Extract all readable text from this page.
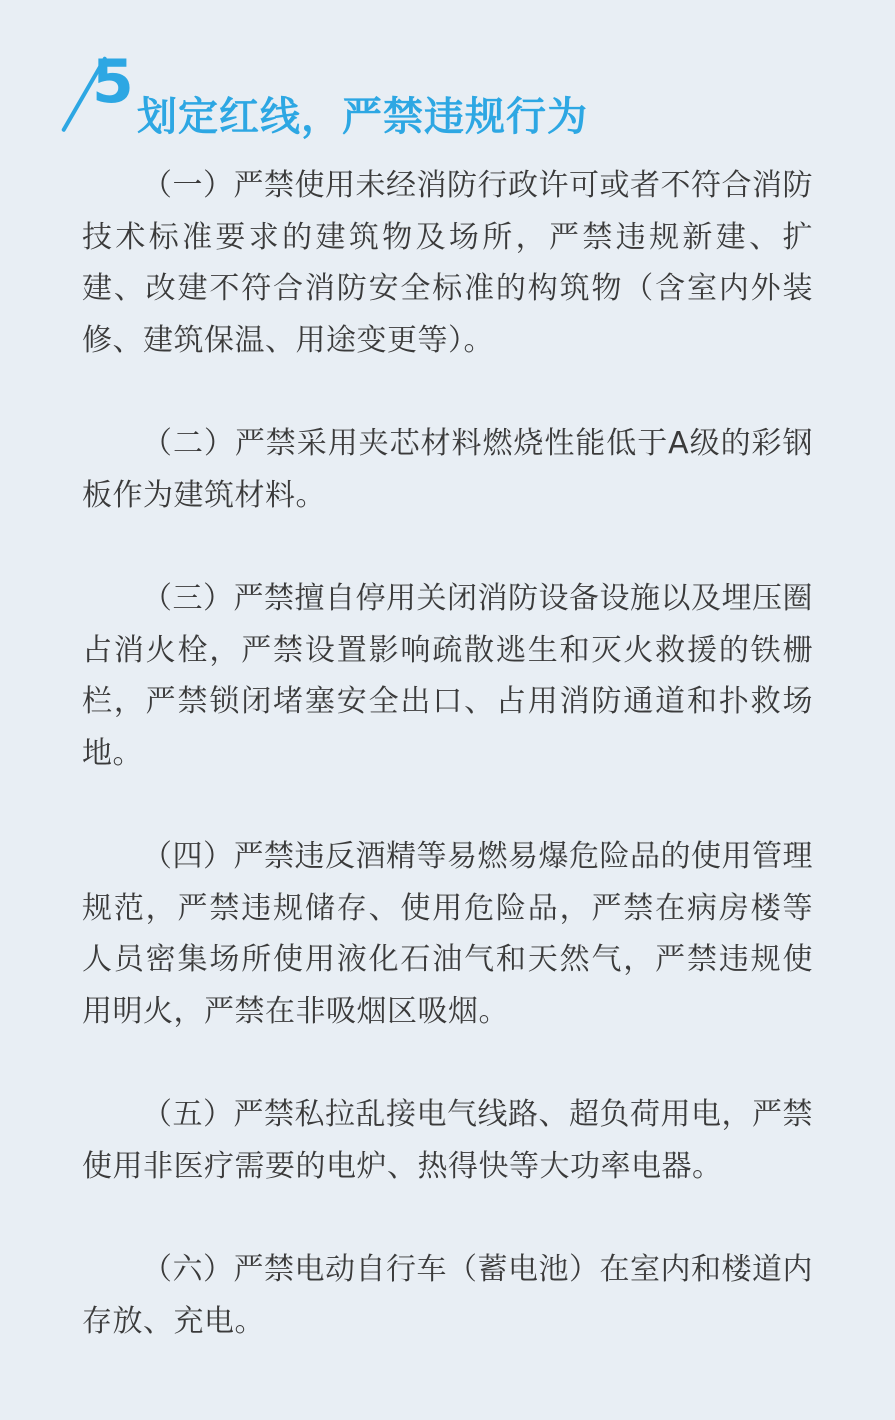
5 划定红线，严禁违规行为

（一）严禁使用未经消防行政许可或者不符合消防技术标准要求的建筑物及场所，严禁违规新建、扩建、改建不符合消防安全标准的构筑物（含室内外装修、建筑保温、用途变更等）。

（二）严禁采用夹芯材料燃烧性能低于A级的彩钢板作为建筑材料。

（三）严禁擅自停用关闭消防设备设施以及埋压圈占消火栓，严禁设置影响疏散逃生和灭火救援的铁栅栏，严禁锁闭堵塞安全出口、占用消防通道和扑救场地。

（四）严禁违反酒精等易燃易爆危险品的使用管理规范，严禁违规储存、使用危险品，严禁在病房楼等人员密集场所使用液化石油气和天然气，严禁违规使用明火，严禁在非吸烟区吸烟。

（五）严禁私拉乱接电气线路、超负荷用电，严禁使用非医疗需要的电炉、热得快等大功率电器。

（六）严禁电动自行车（蓄电池）在室内和楼道内存放、充电。
